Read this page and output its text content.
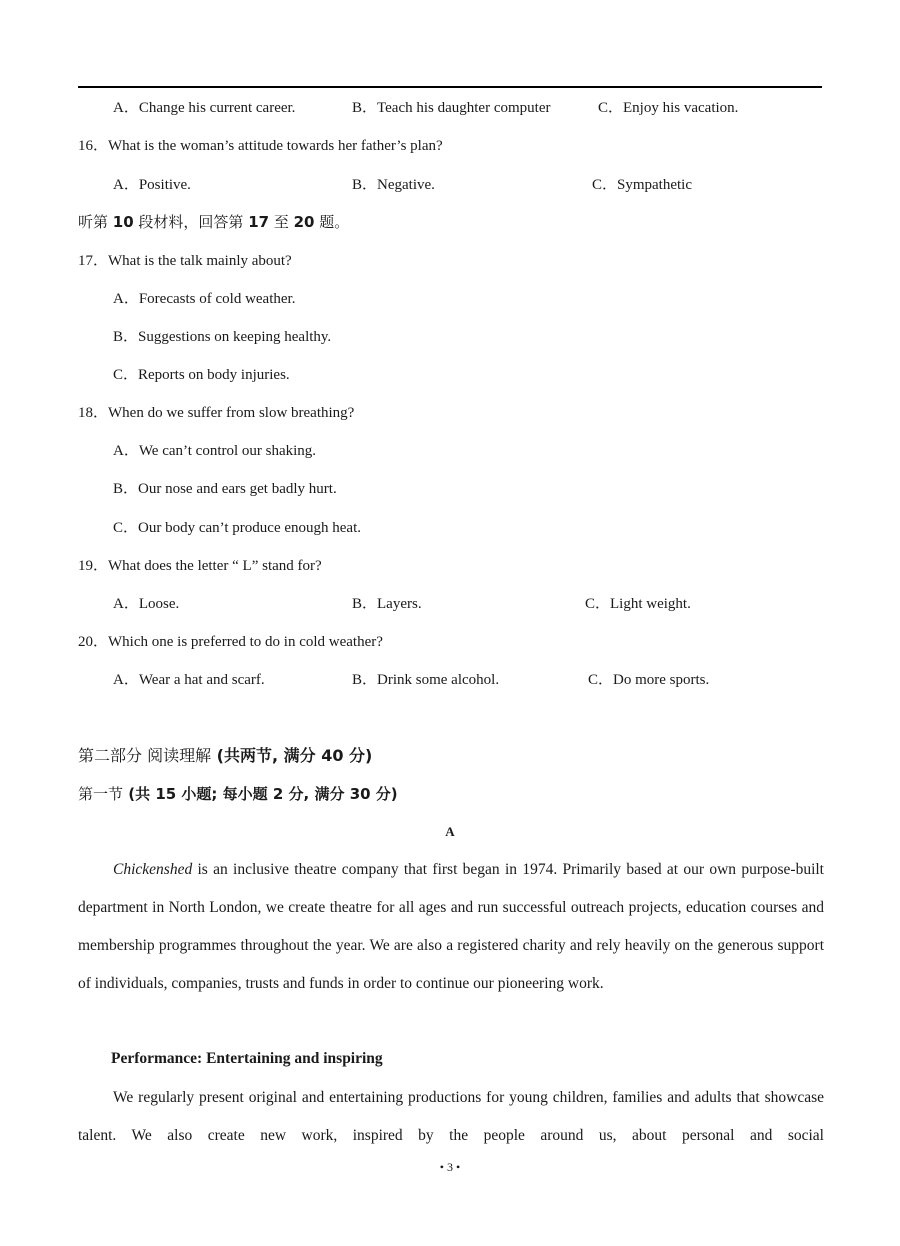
A．Change his current career.	B．Teach his daughter computer	C．Enjoy his vacation.
16．What is the woman’s attitude towards her father’s plan?
A．Positive.	B．Negative.	C．Sympathetic
听第 10 段材料，回答第 17 至 20 题。
17．What is the talk mainly about?
A．Forecasts of cold weather.
B．Suggestions on keeping healthy.
C．Reports on body injuries.
18．When do we suffer from slow breathing?
A．We can’t control our shaking.
B．Our nose and ears get badly hurt.
C．Our body can’t produce enough heat.
19．What does the letter “ L” stand for?
A．Loose.	B．Layers.	C．Light weight.
20．Which one is preferred to do in cold weather?
A．Wear a hat and scarf.	B．Drink some alcohol.	C．Do more sports.
第二部分 阅读理解 (共两节, 满分 40 分)
第一节 (共 15 小题; 每小题 2 分, 满分 30 分)
A
Chickenshed is an inclusive theatre company that first began in 1974. Primarily based at our own purpose-built department in North London, we create theatre for all ages and run successful outreach projects, education courses and membership programmes throughout the year. We are also a registered charity and rely heavily on the generous support of individuals, companies, trusts and funds in order to continue our pioneering work.
Performance: Entertaining and inspiring
We regularly present original and entertaining productions for young children, families and adults that showcase talent. We also create new work, inspired by the people around us, about personal and social
• 3 •
